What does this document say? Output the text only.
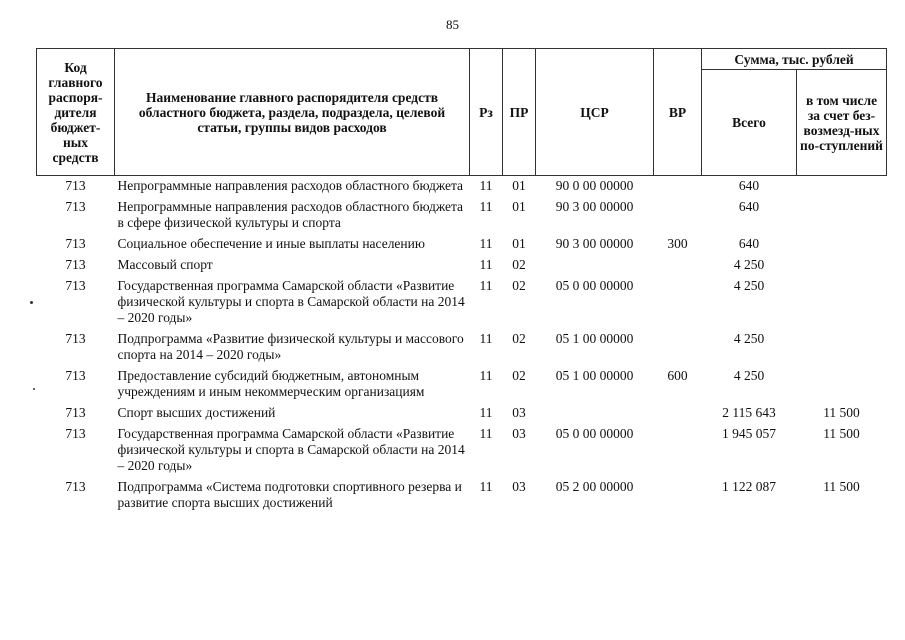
85
Код главного распоря-дителя бюджет-ных средств	Наименование главного распорядителя средств областного бюджета, раздела, подраздела, целевой статьи, группы видов расходов	Рз	ПР	ЦСР	ВР	Сумма, тыс. рублей	
						Всего	в том числе за счет без-возмезд-ных по-ступлений
713	Непрограммные направления расходов областного бюджета	11	01	90 0 00 00000		640	
713	Непрограммные направления расходов областного бюджета в сфере физической культуры и спорта	11	01	90 3 00 00000		640	
713	Социальное обеспечение и иные выплаты населению	11	01	90 3 00 00000	300	640	
713	Массовый спорт	11	02			4 250	
713	Государственная программа Самарской области «Развитие физической культуры и спорта в Самарской области на 2014 – 2020 годы»	11	02	05 0 00 00000		4 250	
713	Подпрограмма «Развитие физической культуры и массового спорта на 2014 – 2020 годы»	11	02	05 1 00 00000		4 250	
713	Предоставление субсидий бюджетным, автономным учреждениям и иным некоммерческим организациям	11	02	05 1 00 00000	600	4 250	
713	Спорт высших достижений	11	03			2 115 643	11 500
713	Государственная программа Самарской области «Развитие физической культуры и спорта в Самарской области на 2014 – 2020 годы»	11	03	05 0 00 00000		1 945 057	11 500
713	Подпрограмма «Система подготовки спортивного резерва и развитие спорта высших достижений	11	03	05 2 00 00000		1 122 087	11 500
